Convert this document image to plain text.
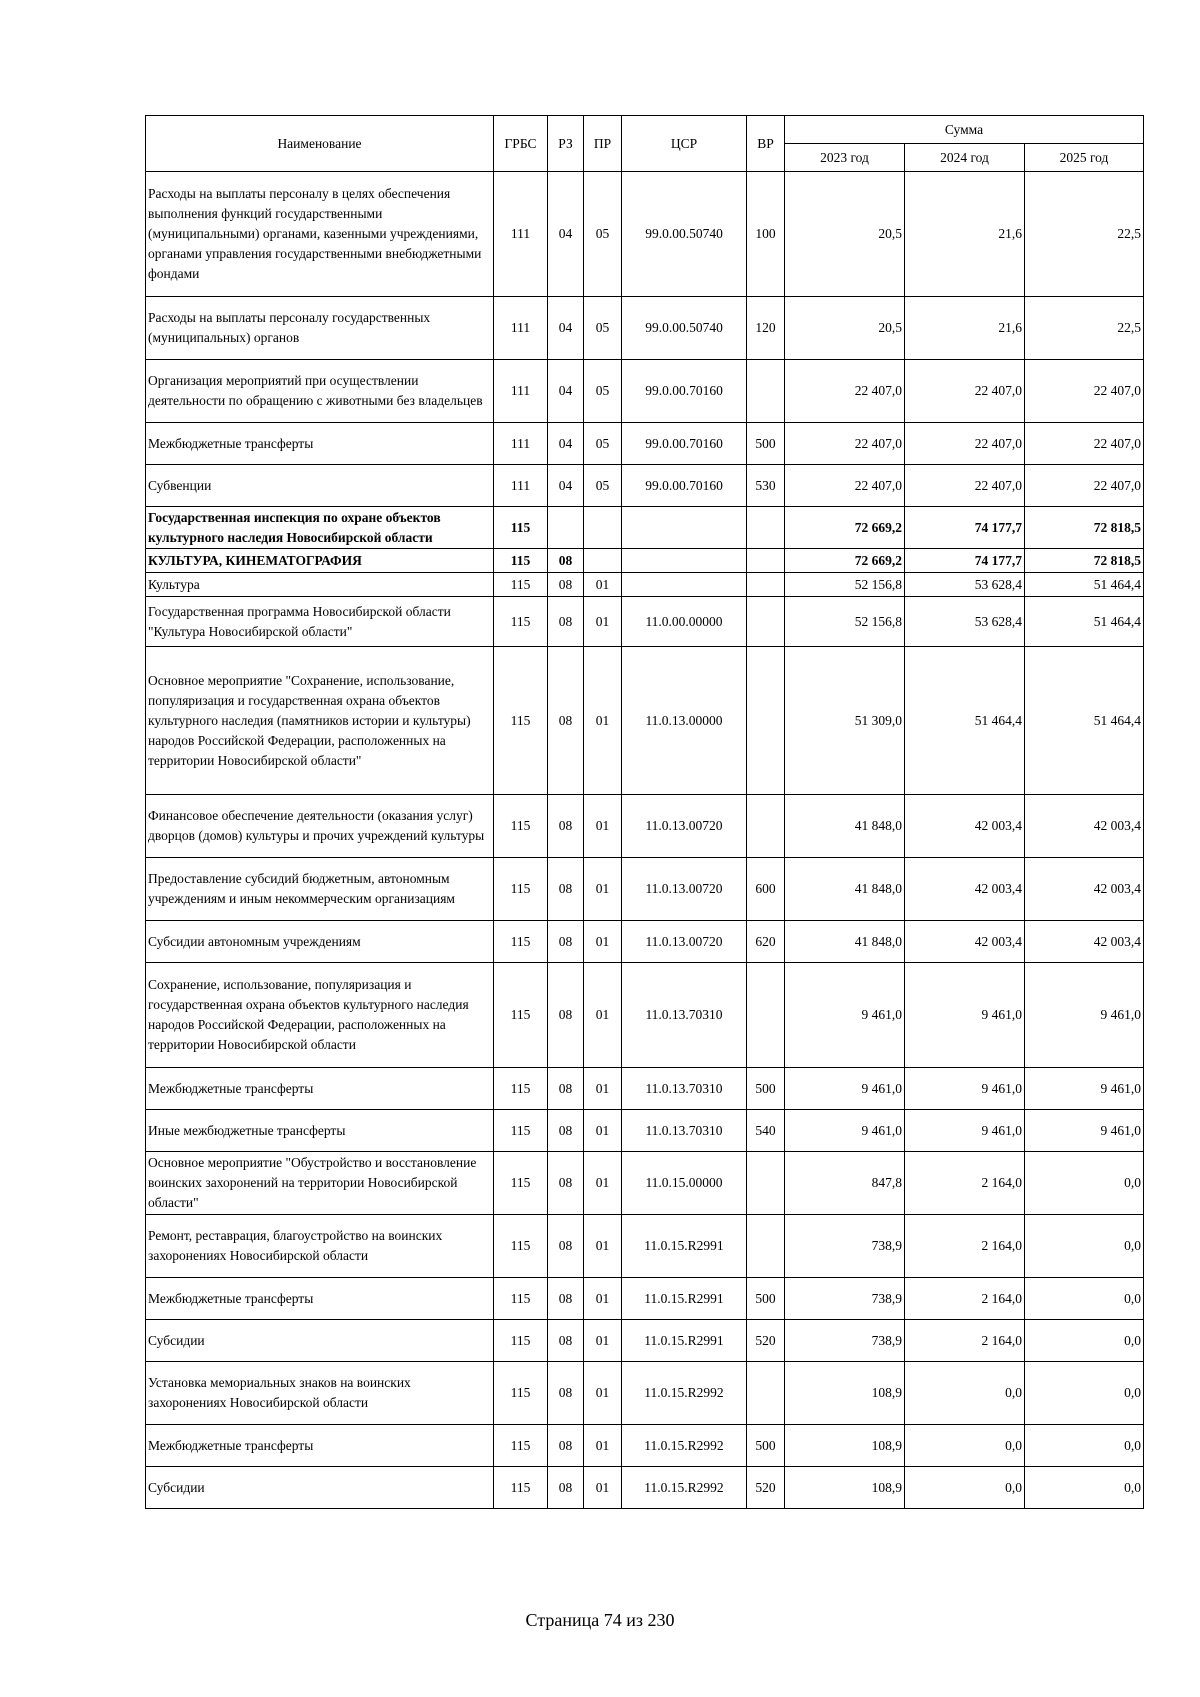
Наименование	ГРБС	РЗ	ПР	ЦСР	ВР	Сумма		
						2023 год	2024 год	2025 год
Расходы на выплаты персоналу в целях обеспечения выполнения функций государственными (муниципальными) органами, казенными учреждениями, органами управления государственными внебюджетными фондами	111	04	05	99.0.00.50740	100	20,5	21,6	22,5
Расходы на выплаты персоналу государственных (муниципальных) органов	111	04	05	99.0.00.50740	120	20,5	21,6	22,5
Организация мероприятий при осуществлении деятельности по обращению с животными без владельцев	111	04	05	99.0.00.70160		22 407,0	22 407,0	22 407,0
Межбюджетные трансферты	111	04	05	99.0.00.70160	500	22 407,0	22 407,0	22 407,0
Субвенции	111	04	05	99.0.00.70160	530	22 407,0	22 407,0	22 407,0
Государственная инспекция по охране объектов культурного наследия Новосибирской области	115					72 669,2	74 177,7	72 818,5
КУЛЬТУРА, КИНЕМАТОГРАФИЯ	115	08				72 669,2	74 177,7	72 818,5
Культура	115	08	01			52 156,8	53 628,4	51 464,4
Государственная программа Новосибирской области "Культура Новосибирской области"	115	08	01	11.0.00.00000		52 156,8	53 628,4	51 464,4
Основное мероприятие "Сохранение, использование, популяризация и государственная охрана объектов культурного наследия (памятников истории и культуры) народов Российской Федерации, расположенных на территории Новосибирской области"	115	08	01	11.0.13.00000		51 309,0	51 464,4	51 464,4
Финансовое обеспечение деятельности (оказания услуг) дворцов (домов) культуры и прочих учреждений культуры	115	08	01	11.0.13.00720		41 848,0	42 003,4	42 003,4
Предоставление субсидий бюджетным, автономным учреждениям и иным некоммерческим организациям	115	08	01	11.0.13.00720	600	41 848,0	42 003,4	42 003,4
Субсидии автономным учреждениям	115	08	01	11.0.13.00720	620	41 848,0	42 003,4	42 003,4
Сохранение, использование, популяризация и государственная охрана объектов культурного наследия народов Российской Федерации, расположенных на территории Новосибирской области	115	08	01	11.0.13.70310		9 461,0	9 461,0	9 461,0
Межбюджетные трансферты	115	08	01	11.0.13.70310	500	9 461,0	9 461,0	9 461,0
Иные межбюджетные трансферты	115	08	01	11.0.13.70310	540	9 461,0	9 461,0	9 461,0
Основное мероприятие "Обустройство и восстановление воинских захоронений на территории Новосибирской области"	115	08	01	11.0.15.00000		847,8	2 164,0	0,0
Ремонт, реставрация, благоустройство на воинских захоронениях Новосибирской области	115	08	01	11.0.15.R2991		738,9	2 164,0	0,0
Межбюджетные трансферты	115	08	01	11.0.15.R2991	500	738,9	2 164,0	0,0
Субсидии	115	08	01	11.0.15.R2991	520	738,9	2 164,0	0,0
Установка мемориальных знаков на воинских захоронениях Новосибирской области	115	08	01	11.0.15.R2992		108,9	0,0	0,0
Межбюджетные трансферты	115	08	01	11.0.15.R2992	500	108,9	0,0	0,0
Субсидии	115	08	01	11.0.15.R2992	520	108,9	0,0	0,0
Страница 74 из 230
